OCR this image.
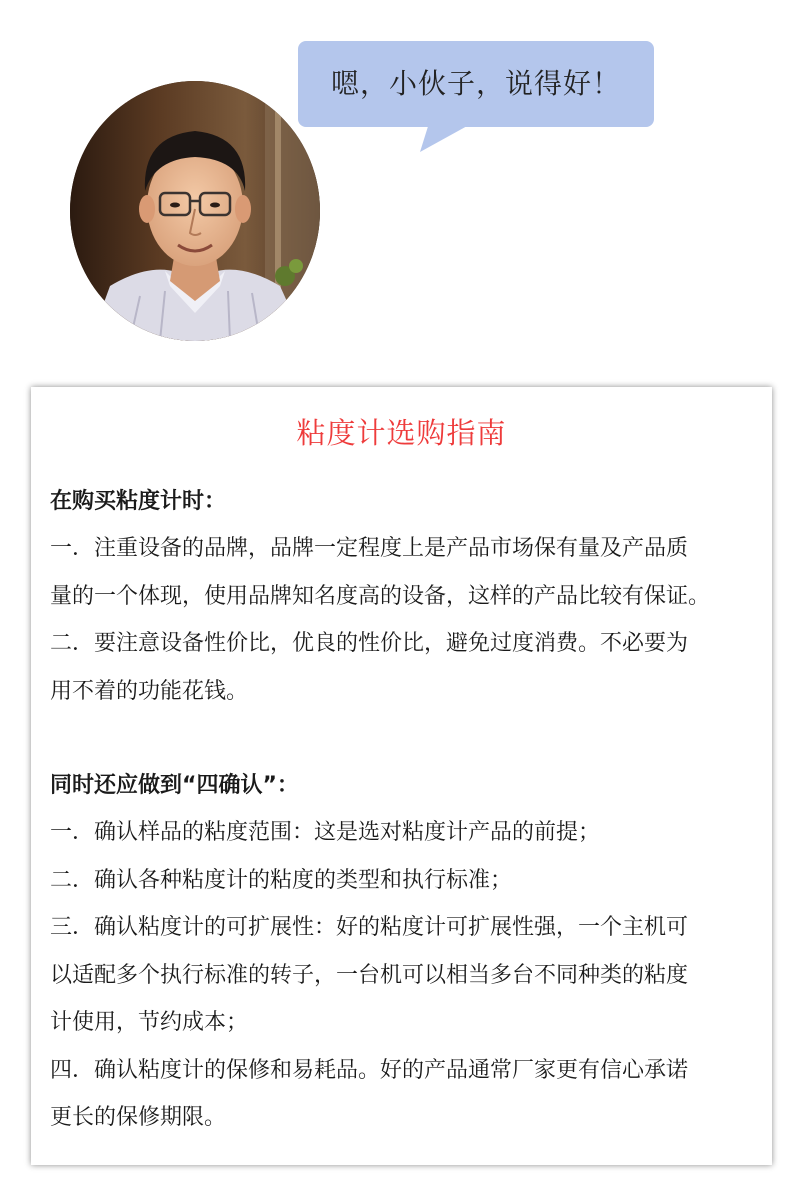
嗯，小伙子，说得好！
粘度计选购指南
在购买粘度计时：
一．注重设备的品牌，品牌一定程度上是产品市场保有量及产品质
量的一个体现，使用品牌知名度高的设备，这样的产品比较有保证。
二．要注意设备性价比，优良的性价比，避免过度消费。不必要为
用不着的功能花钱。
同时还应做到“四确认”：
一．确认样品的粘度范围：这是选对粘度计产品的前提；
二．确认各种粘度计的粘度的类型和执行标准；
三．确认粘度计的可扩展性：好的粘度计可扩展性强，一个主机可
以适配多个执行标准的转子，一台机可以相当多台不同种类的粘度
计使用，节约成本；
四．确认粘度计的保修和易耗品。好的产品通常厂家更有信心承诺
更长的保修期限。
